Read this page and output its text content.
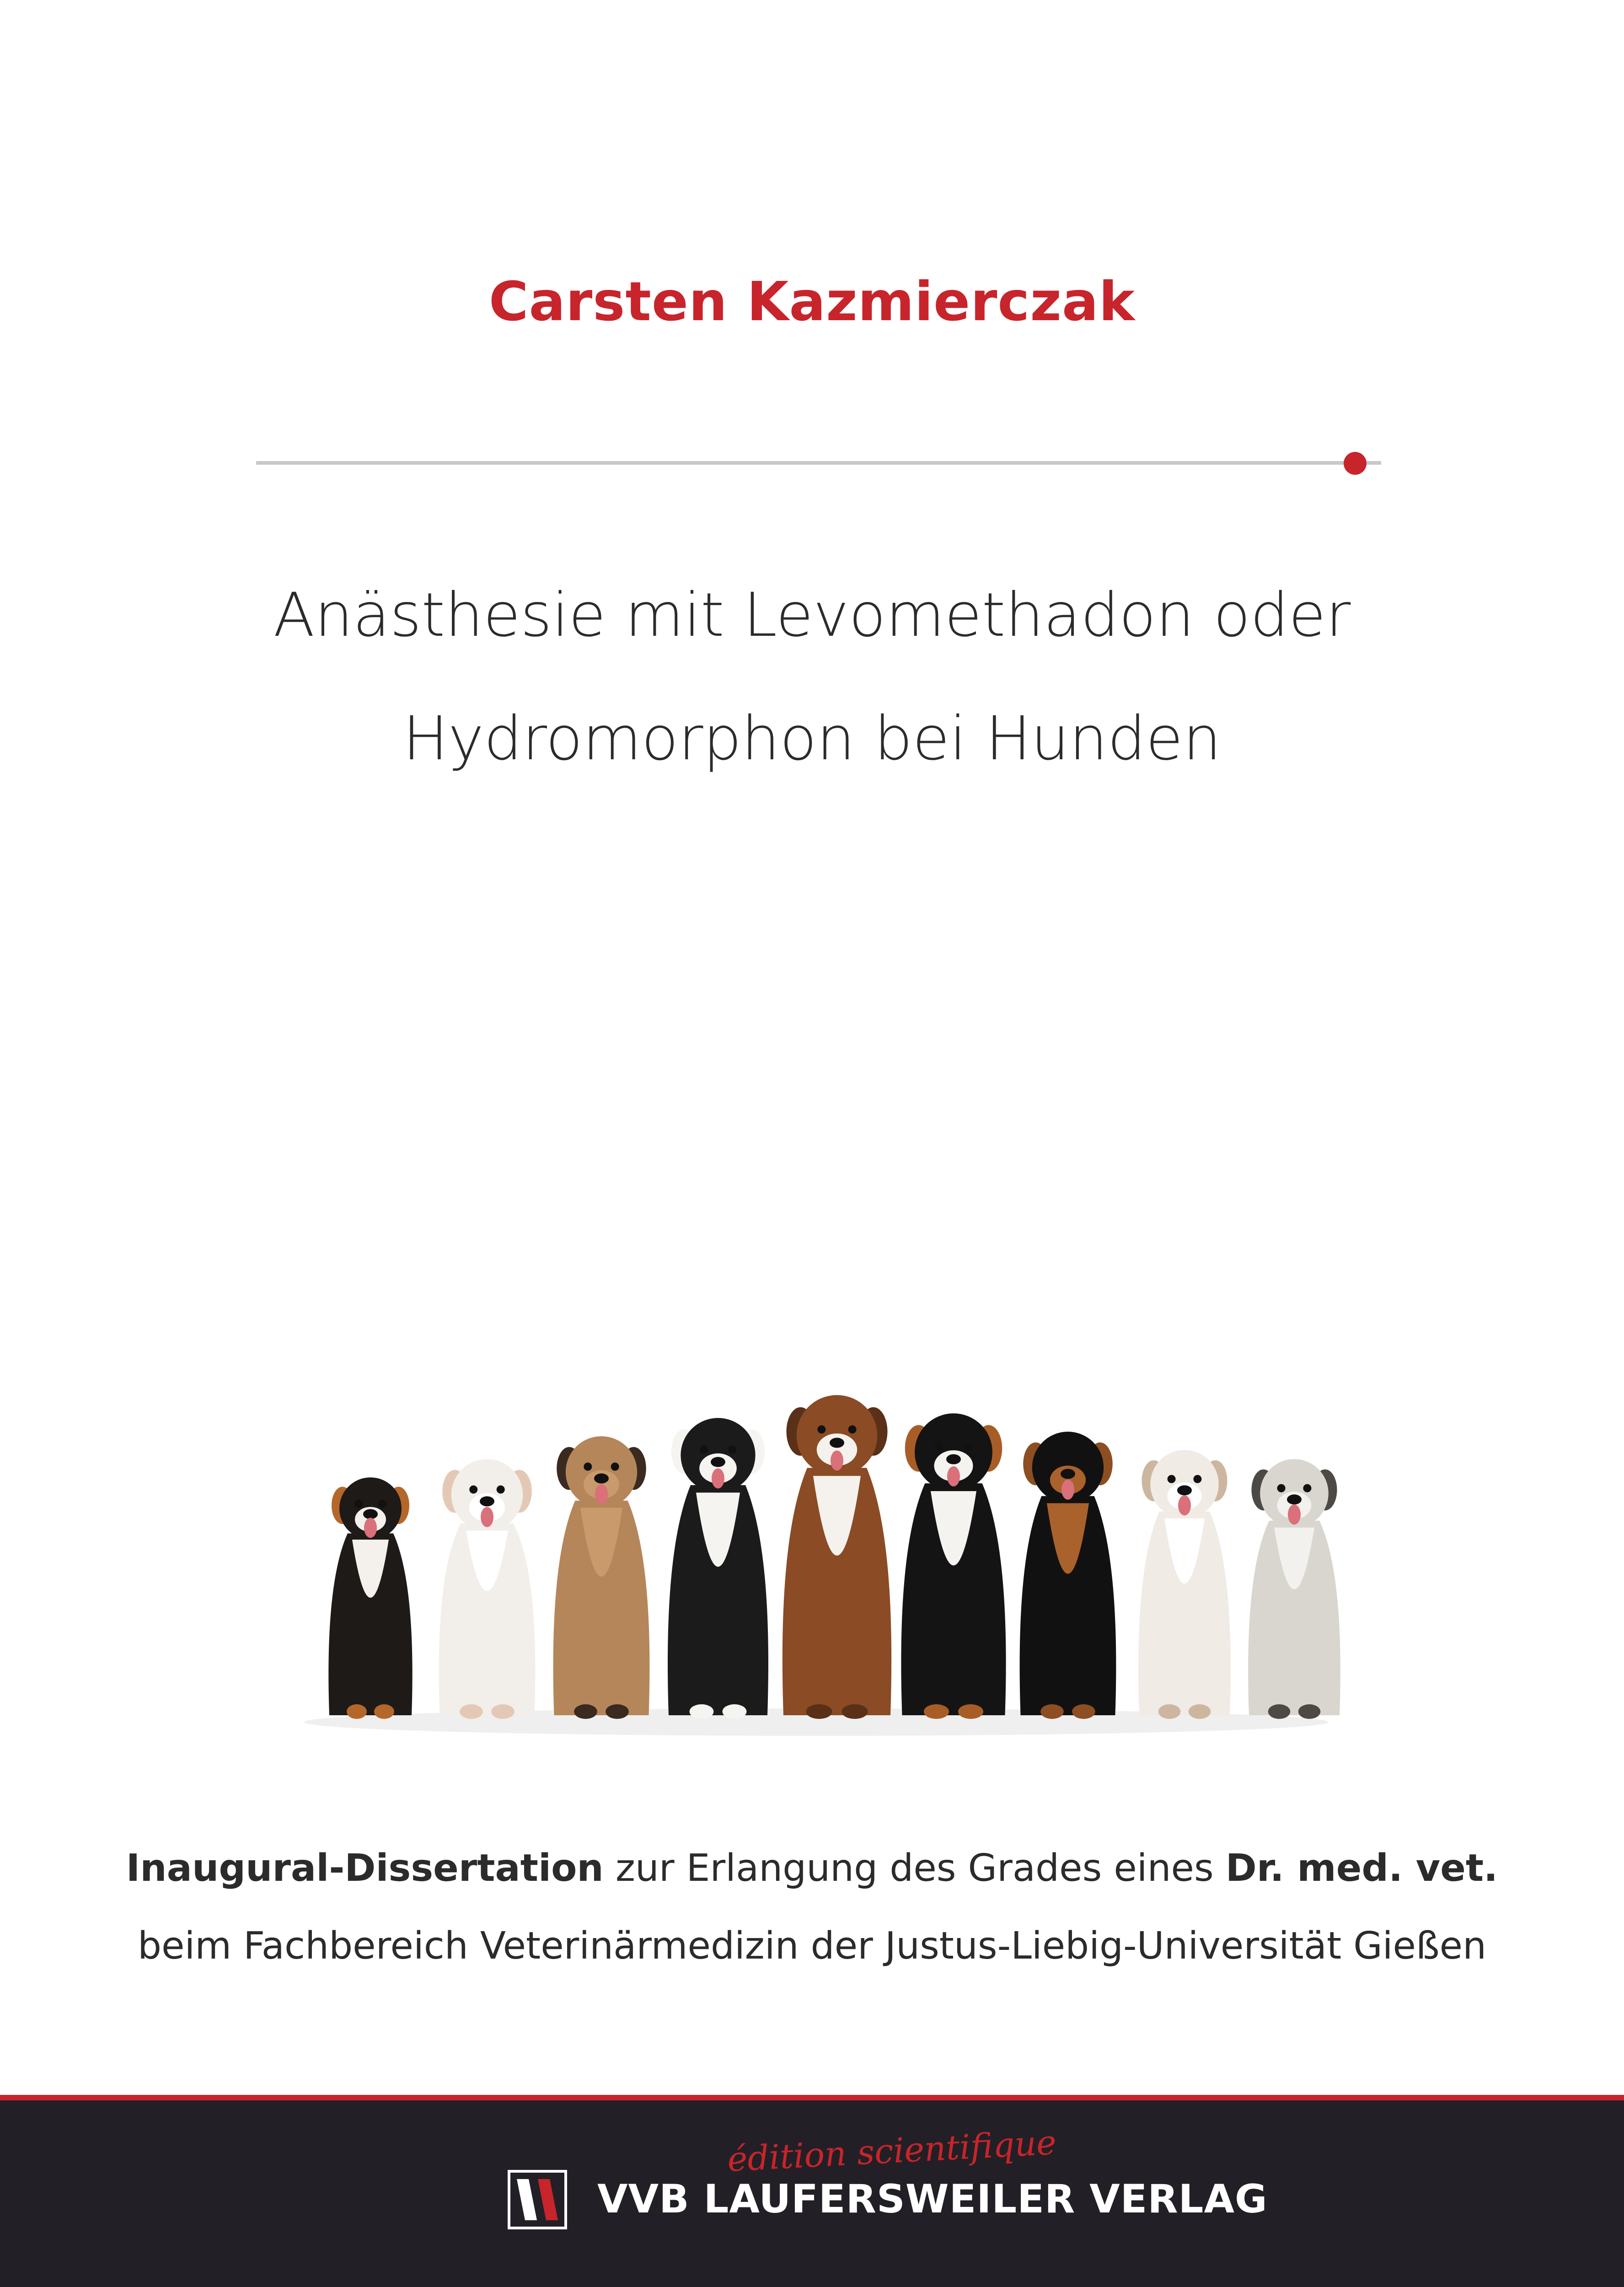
Carsten Kazmierczak
Anästhesie mit Levomethadon oder
Hydromorphon bei Hunden
Inaugural-Dissertation zur Erlangung des Grades eines Dr. med. vet.
beim Fachbereich Veterinärmedizin der Justus-Liebig-Universität Gießen
édition scientifique
VVB LAUFERSWEILER VERLAG
